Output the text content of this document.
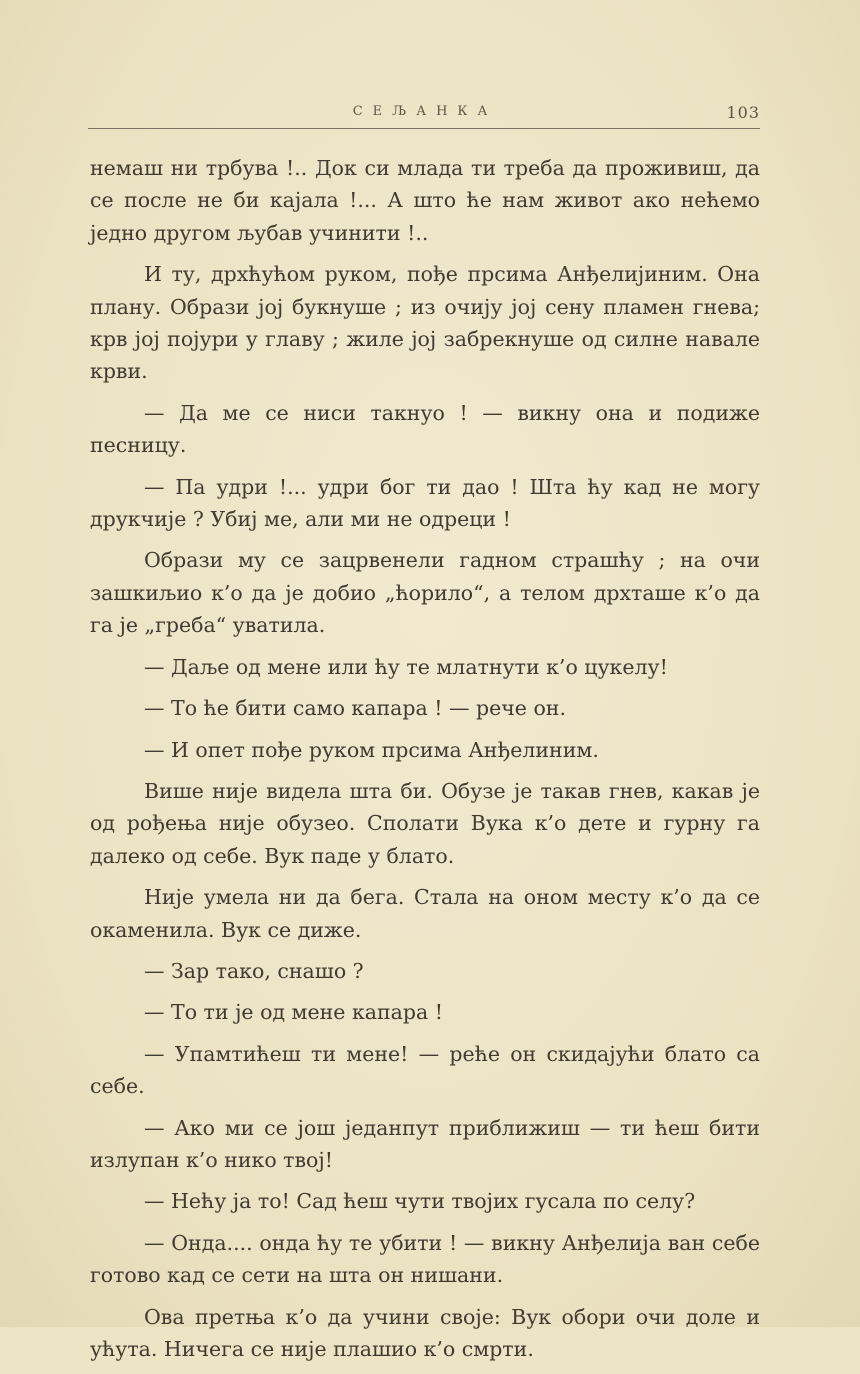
СЕЉАНКА	103

немаш ни трбува !.. Док си млада ти треба да проживиш, да се после не би кајала !... А што ће нам живот ако нећемо једно другом љубав учинити !..

И ту, дрхћућом руком, пође прсима Анђелијиним. Она плану. Образи јој букнуше ; из очију јој сену пламен гнева; крв јој појури у главу ; жиле јој забрекнуше од силне навале крви.

— Да ме се ниси такнуо ! — викну она и подиже песницу.

— Па удри !... удри бог ти дао ! Шта ћу кад не могу друкчије ? Убиј ме, али ми не одреци !

Образи му се зацрвенели гадном страшћу ; на очи зашкиљио к’о да је добио „ћорило“, а телом дрхташе к’о да га је „греба“ уватила.

— Даље од мене или ћу те млатнути к’о цукелу!

— То ће бити само капара ! — рече он.

— И опет пође руком прсима Анђелиним.

Више није видела шта би. Обузе је такав гнев, какав је од рођења није обузео. Сполати Вука к’о дете и гурну га далеко од себе. Вук паде у блато.

Није умела ни да бега. Стала на оном месту к’о да се окаменила. Вук се диже.

— Зар тако, снашо ?

— То ти је од мене капара !

— Упамтићеш ти мене! — реће он скидајући блато са себе.

— Ако ми се још једанпут приближиш — ти ћеш бити излупан к’о нико твој!

— Нећу ја то! Сад ћеш чути твојих гусала по селу?

— Онда.... онда ћу те убити ! — викну Анђелија ван себе готово кад се сети на шта он нишани.

Ова претња к’о да учини своје: Вук обори очи доле и ућута. Ничега се није плашио к’о смрти.
